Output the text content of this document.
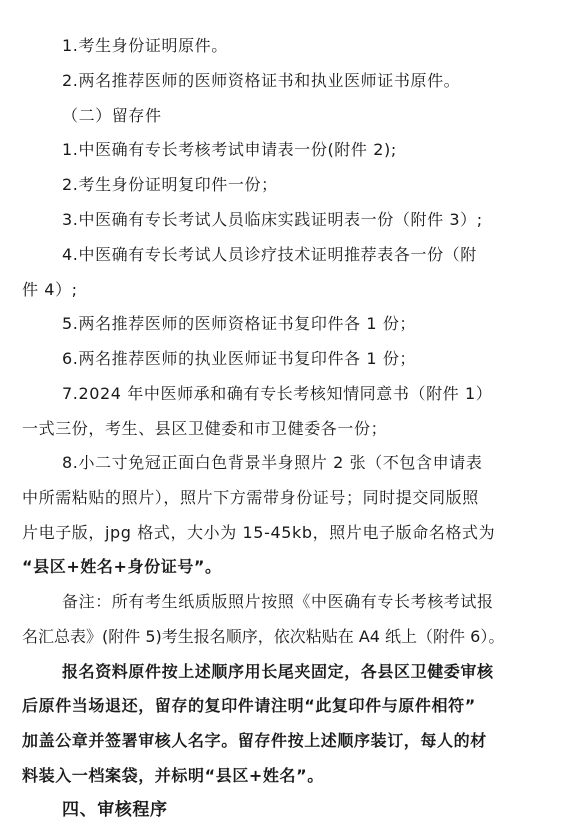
1.考生身份证明原件。
2.两名推荐医师的医师资格证书和执业医师证书原件。
（二）留存件
1.中医确有专长考核考试申请表一份(附件 2);
2.考生身份证明复印件一份；
3.中医确有专长考试人员临床实践证明表一份（附件 3）;
4.中医确有专长考试人员诊疗技术证明推荐表各一份（附
件 4）;
5.两名推荐医师的医师资格证书复印件各 1 份；
6.两名推荐医师的执业医师证书复印件各 1 份；
7.2024 年中医师承和确有专长考核知情同意书（附件 1）
一式三份，考生、县区卫健委和市卫健委各一份；
8.小二寸免冠正面白色背景半身照片 2 张（不包含申请表
中所需粘贴的照片），照片下方需带身份证号；同时提交同版照
片电子版，jpg 格式，大小为 15-45kb，照片电子版命名格式为
“县区+姓名+身份证号”。
备注：所有考生纸质版照片按照《中医确有专长考核考试报
名汇总表》(附件 5)考生报名顺序，依次粘贴在 A4 纸上（附件 6）。
报名资料原件按上述顺序用长尾夹固定，各县区卫健委审核
后原件当场退还，留存的复印件请注明“此复印件与原件相符”
加盖公章并签署审核人名字。留存件按上述顺序装订，每人的材
料装入一档案袋，并标明“县区+姓名”。
四、审核程序
